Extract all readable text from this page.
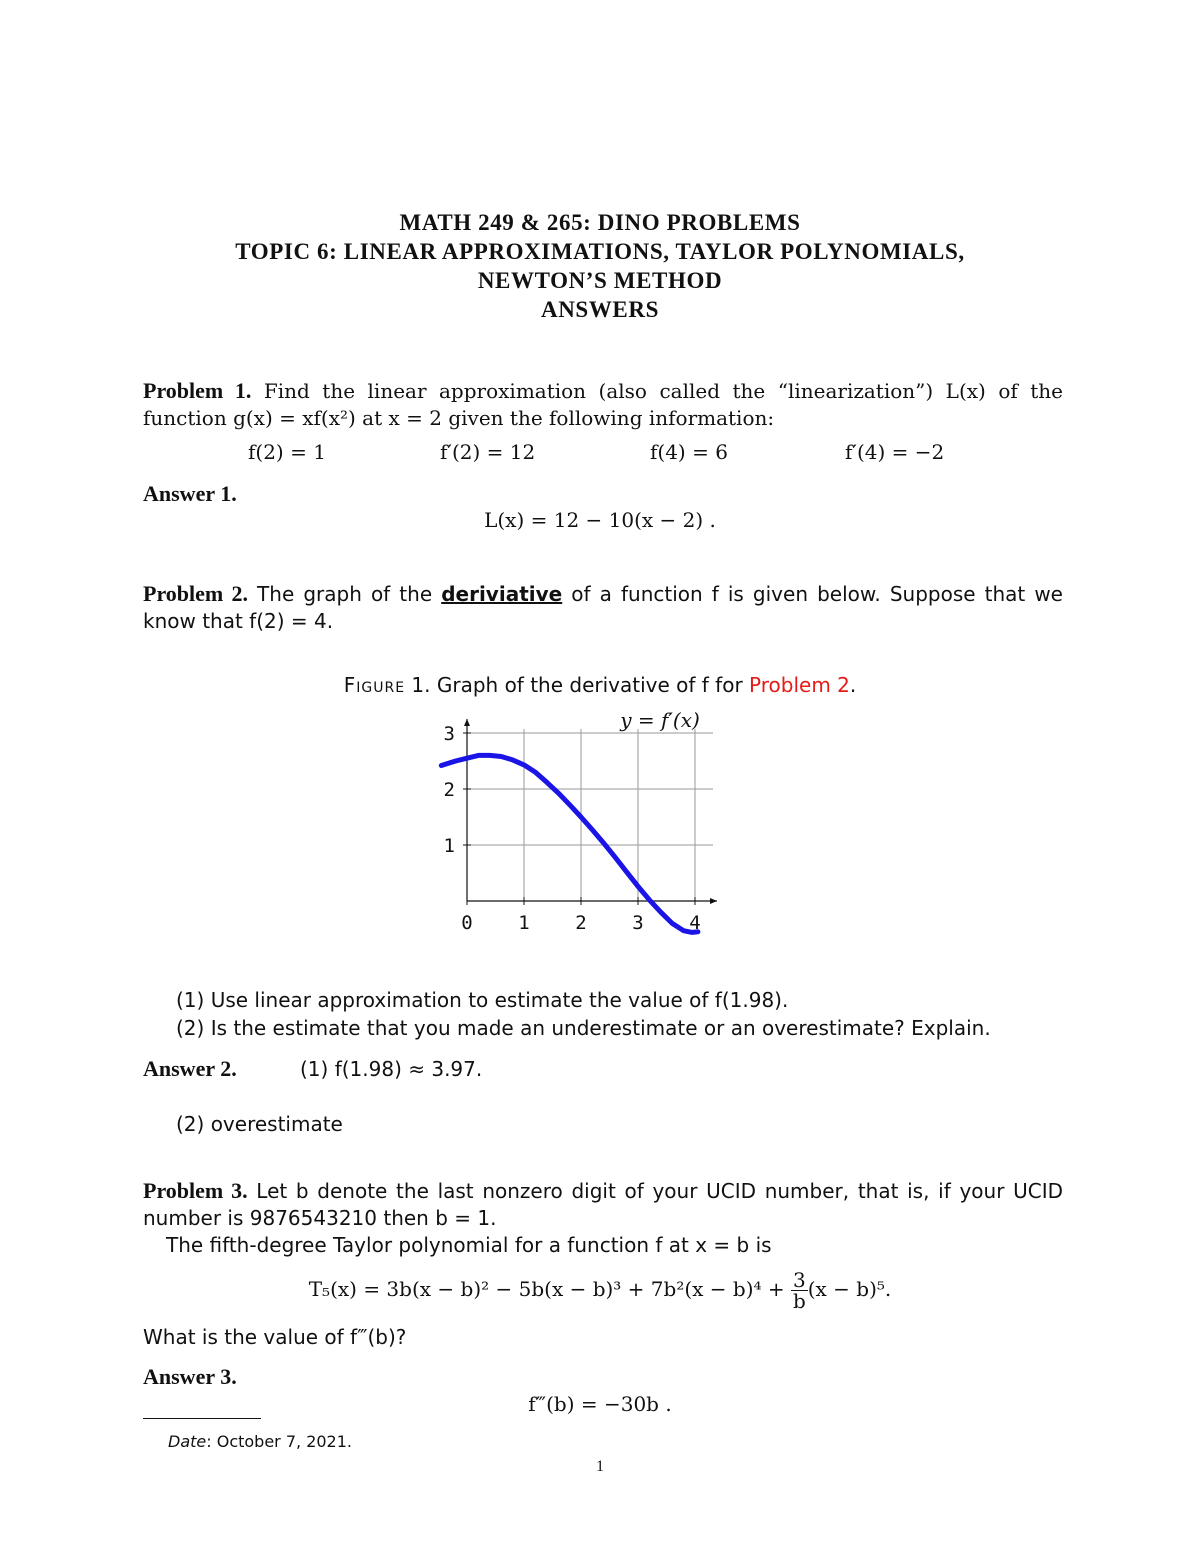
MATH 249 & 265: DINO PROBLEMS
TOPIC 6: LINEAR APPROXIMATIONS, TAYLOR POLYNOMIALS,
NEWTON’S METHOD
ANSWERS
Problem 1. Find the linear approximation (also called the “linearization”) L(x) of the function g(x) = xf(x²) at x = 2 given the following information:
f(2) = 1	f′(2) = 12	f(4) = 6	f′(4) = −2
Answer 1.
L(x) = 12 − 10(x − 2) .
Problem 2. The graph of the deriviative of a function f is given below. Suppose that we know that f(2) = 4.
Figure 1. Graph of the derivative of f for Problem 2.
0 1 2 3 4
1
2
3
y = f′(x)
(1) Use linear approximation to estimate the value of f(1.98).
(2) Is the estimate that you made an underestimate or an overestimate? Explain.
Answer 2.	(1) f(1.98) ≈ 3.97.
(2) overestimate
Problem 3. Let b denote the last nonzero digit of your UCID number, that is, if your UCID number is 9876543210 then b = 1.
The fifth-degree Taylor polynomial for a function f at x = b is
$T_5(x) = 3b(x - b)^2 - 5b(x - b)^3 + 7b^2(x - b)^4 + \frac{3}{b} (x - b)^5$.
What is the value of f‴(b)?
Answer 3.
f‴(b) = −30b .
Date: October 7, 2021.
1
